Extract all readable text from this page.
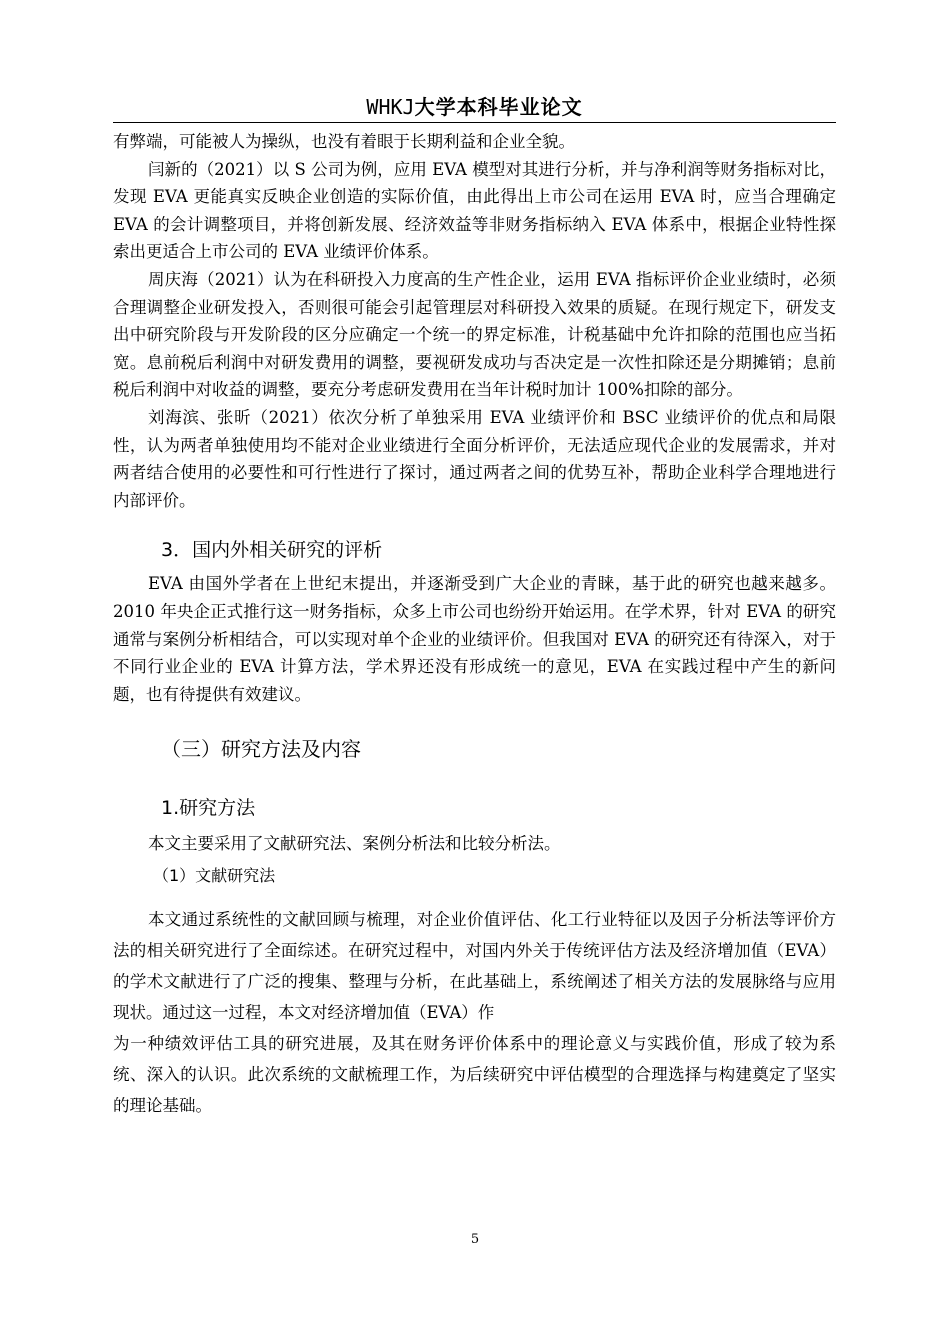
WHKJ大学本科毕业论文

有弊端，可能被人为操纵，也没有着眼于长期利益和企业全貌。

闫新的（2021）以 S 公司为例，应用 EVA 模型对其进行分析，并与净利润等财务指标对比，发现 EVA 更能真实反映企业创造的实际价值，由此得出上市公司在运用 EVA 时，应当合理确定 EVA 的会计调整项目，并将创新发展、经济效益等非财务指标纳入 EVA 体系中，根据企业特性探索出更适合上市公司的 EVA 业绩评价体系。

周庆海（2021）认为在科研投入力度高的生产性企业，运用 EVA 指标评价企业业绩时，必须合理调整企业研发投入，否则很可能会引起管理层对科研投入效果的质疑。在现行规定下，研发支出中研究阶段与开发阶段的区分应确定一个统一的界定标准，计税基础中允许扣除的范围也应当拓宽。息前税后利润中对研发费用的调整，要视研发成功与否决定是一次性扣除还是分期摊销；息前税后利润中对收益的调整，要充分考虑研发费用在当年计税时加计 100%扣除的部分。

刘海滨、张昕（2021）依次分析了单独采用 EVA 业绩评价和 BSC 业绩评价的优点和局限性，认为两者单独使用均不能对企业业绩进行全面分析评价，无法适应现代企业的发展需求，并对两者结合使用的必要性和可行性进行了探讨，通过两者之间的优势互补，帮助企业科学合理地进行内部评价。

3．国内外相关研究的评析

EVA 由国外学者在上世纪末提出，并逐渐受到广大企业的青睐，基于此的研究也越来越多。2010 年央企正式推行这一财务指标，众多上市公司也纷纷开始运用。在学术界，针对 EVA 的研究通常与案例分析相结合，可以实现对单个企业的业绩评价。但我国对 EVA 的研究还有待深入，对于不同行业企业的 EVA 计算方法，学术界还没有形成统一的意见，EVA 在实践过程中产生的新问题，也有待提供有效建议。

（三）研究方法及内容
1.研究方法

本文主要采用了文献研究法、案例分析法和比较分析法。

（1）文献研究法

本文通过系统性的文献回顾与梳理，对企业价值评估、化工行业特征以及因子分析法等评价方法的相关研究进行了全面综述。在研究过程中，对国内外关于传统评估方法及经济增加值（EVA）的学术文献进行了广泛的搜集、整理与分析，在此基础上，系统阐述了相关方法的发展脉络与应用现状。通过这一过程，本文对经济增加值（EVA）作

为一种绩效评估工具的研究进展，及其在财务评价体系中的理论意义与实践价值，形成了较为系统、深入的认识。此次系统的文献梳理工作，为后续研究中评估模型的合理选择与构建奠定了坚实的理论基础。

5
